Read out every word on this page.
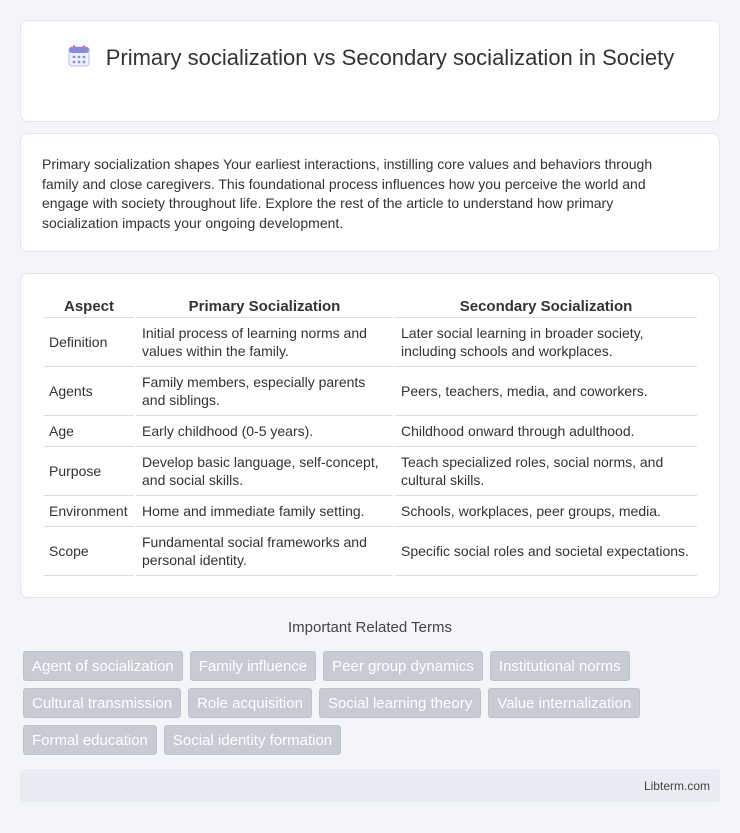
Primary socialization vs Secondary socialization in Society

Primary socialization shapes Your earliest interactions, instilling core values and behaviors through family and close caregivers. This foundational process influences how you perceive the world and engage with society throughout life. Explore the rest of the article to understand how primary socialization impacts your ongoing development.

Aspect	Primary Socialization	Secondary Socialization
Definition	Initial process of learning norms and values within the family.	Later social learning in broader society, including schools and workplaces.
Agents	Family members, especially parents and siblings.	Peers, teachers, media, and coworkers.
Age	Early childhood (0-5 years).	Childhood onward through adulthood.
Purpose	Develop basic language, self-concept, and social skills.	Teach specialized roles, social norms, and cultural skills.
Environment	Home and immediate family setting.	Schools, workplaces, peer groups, media.
Scope	Fundamental social frameworks and personal identity.	Specific social roles and societal expectations.
Important Related Terms
Agent of socialization	Family influence	Peer group dynamics	Institutional norms
Cultural transmission	Role acquisition	Social learning theory	Value internalization
Formal education	Social identity formation
Libterm.com
